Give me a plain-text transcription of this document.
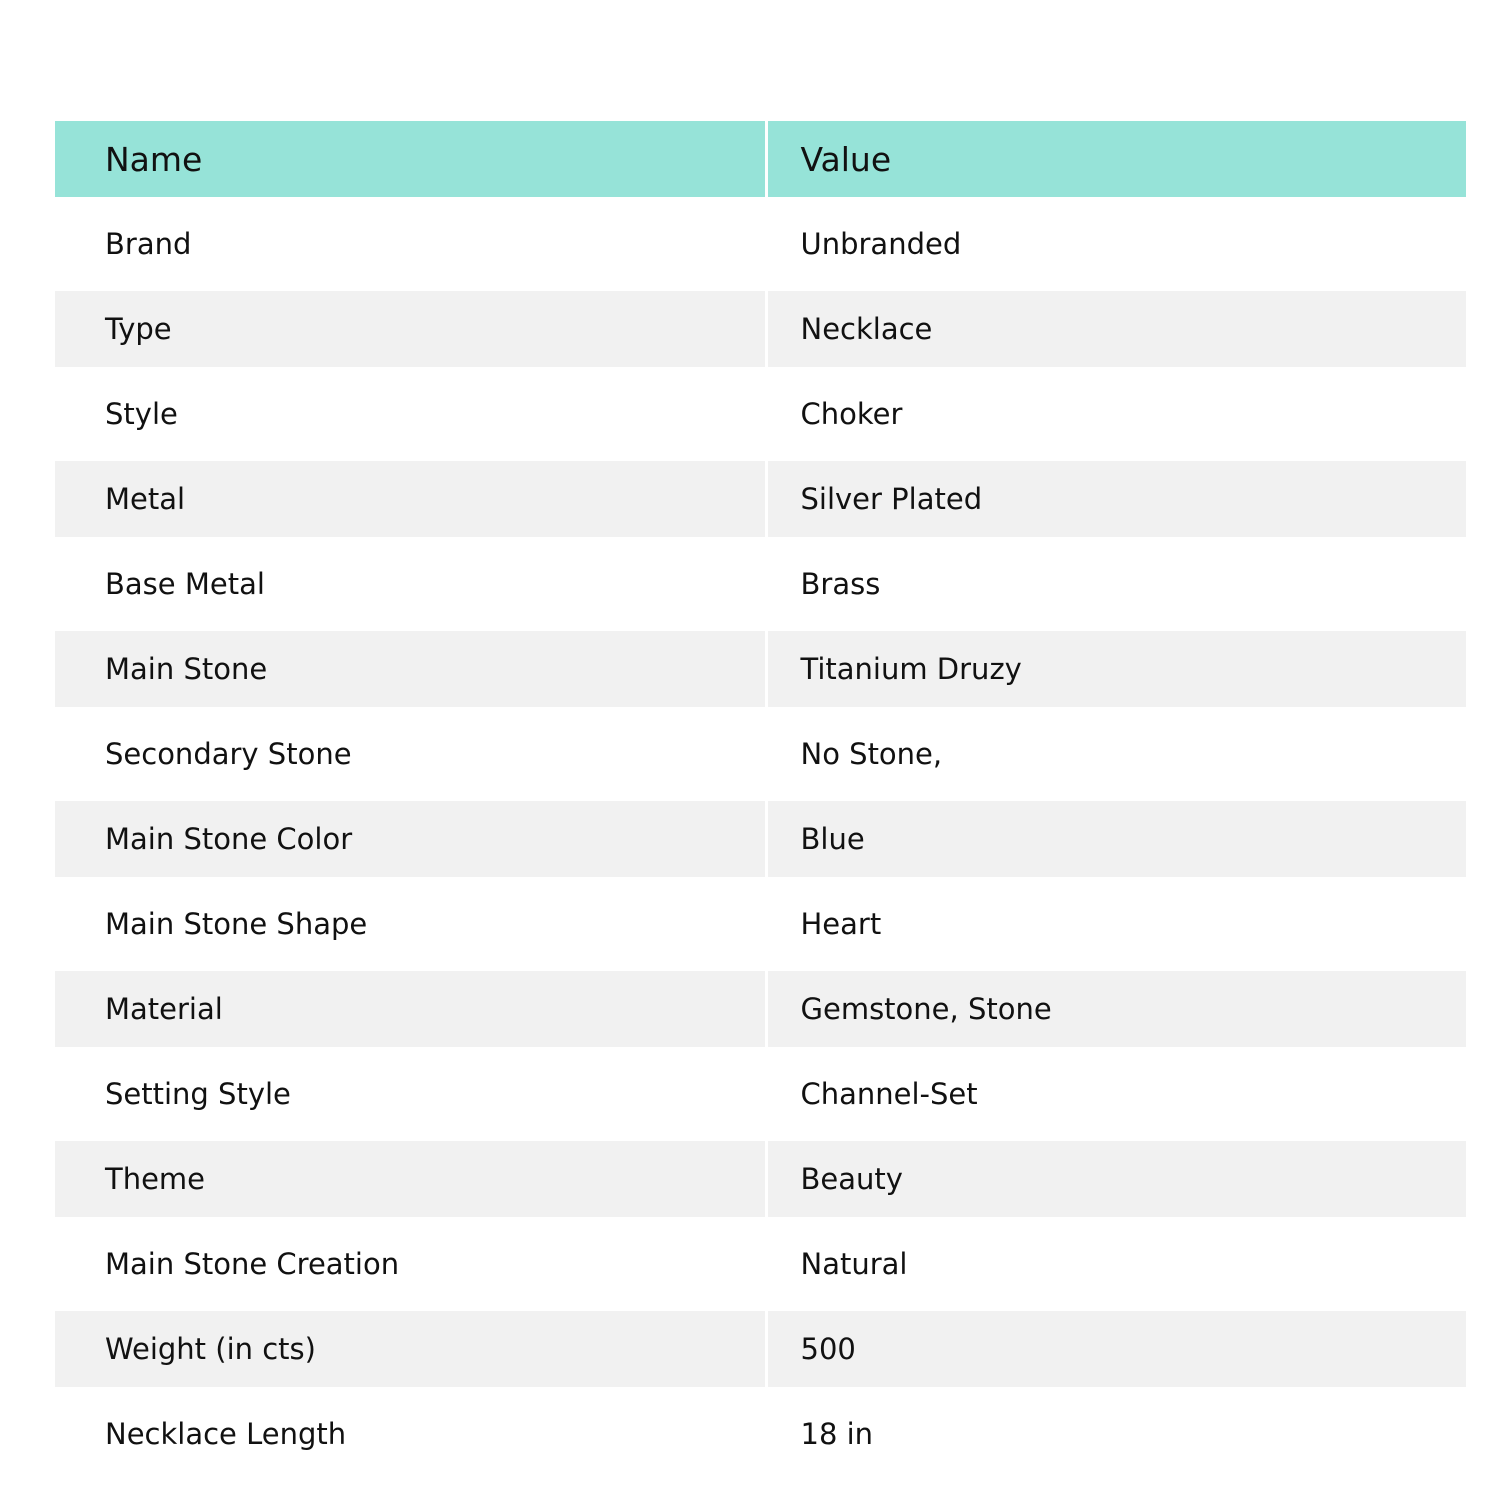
Name	Value
Brand	Unbranded
Type	Necklace
Style	Choker
Metal	Silver Plated
Base Metal	Brass
Main Stone	Titanium Druzy
Secondary Stone	No Stone,
Main Stone Color	Blue
Main Stone Shape	Heart
Material	Gemstone, Stone
Setting Style	Channel-Set
Theme	Beauty
Main Stone Creation	Natural
Weight (in cts)	500
Necklace Length	18 in
